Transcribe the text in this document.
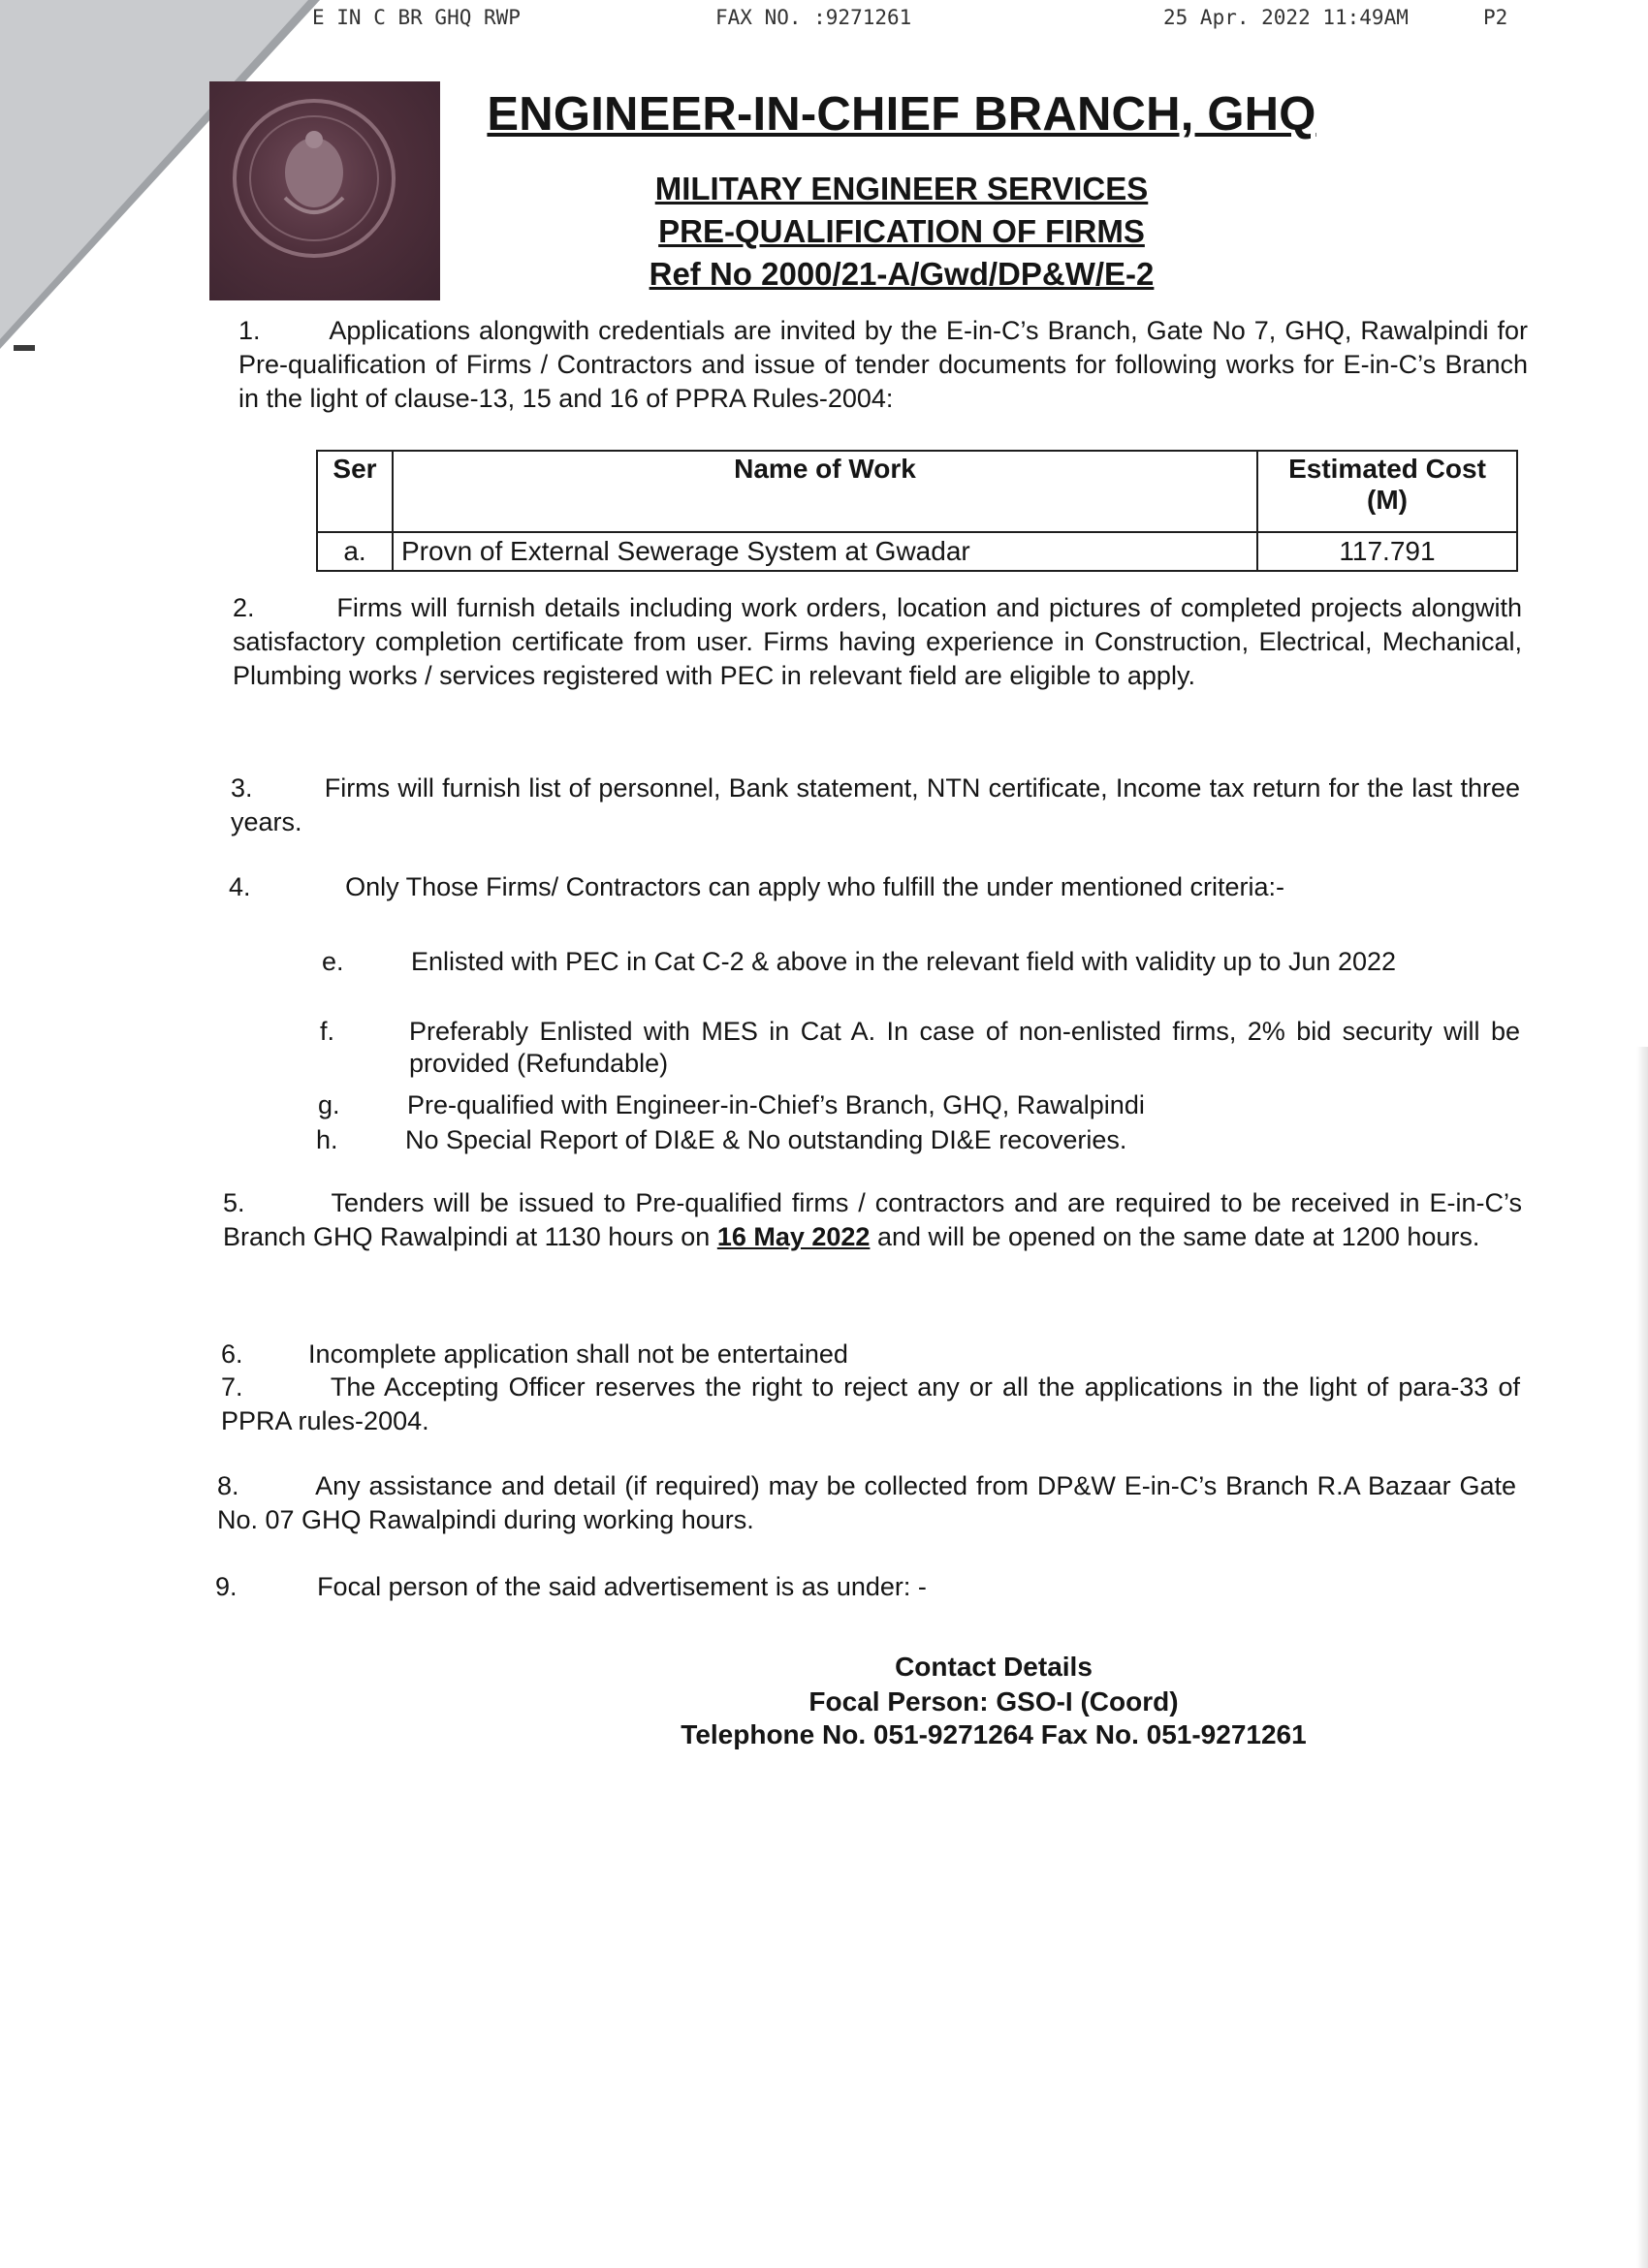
E IN C BR GHQ RWP	FAX NO. :9271261	25 Apr. 2022 11:49AM	P2
ENGINEER-IN-CHIEF BRANCH, GHQ
MILITARY ENGINEER SERVICES
PRE-QUALIFICATION OF FIRMS
Ref No 2000/21-A/Gwd/DP&W/E-2
1.	Applications alongwith credentials are invited by the E-in-C’s Branch, Gate No 7, GHQ, Rawalpindi for Pre-qualification of Firms / Contractors and issue of tender documents for following works for E-in-C’s Branch in the light of clause-13, 15 and 16 of PPRA Rules-2004:
Ser	Name of Work	Estimated Cost (M)
a.	Provn of External Sewerage System at Gwadar	117.791
2.	Firms will furnish details including work orders, location and pictures of completed projects alongwith satisfactory completion certificate from user. Firms having experience in Construction, Electrical, Mechanical, Plumbing works / services registered with PEC in relevant field are eligible to apply.
3.	Firms will furnish list of personnel, Bank statement, NTN certificate, Income tax return for the last three years.
4.	Only Those Firms/ Contractors can apply who fulfill the under mentioned criteria:-
e.	Enlisted with PEC in Cat C-2 & above in the relevant field with validity up to Jun 2022
f.	Preferably Enlisted with MES in Cat A. In case of non-enlisted firms, 2% bid security will be provided (Refundable)
g.	Pre-qualified with Engineer-in-Chief’s Branch, GHQ, Rawalpindi
h.	No Special Report of DI&E & No outstanding DI&E recoveries.
5.	Tenders will be issued to Pre-qualified firms / contractors and are required to be received in E-in-C’s Branch GHQ Rawalpindi at 1130 hours on 16 May 2022 and will be opened on the same date at 1200 hours.
6.	Incomplete application shall not be entertained
7.	The Accepting Officer reserves the right to reject any or all the applications in the light of para-33 of PPRA rules-2004.
8.	Any assistance and detail (if required) may be collected from DP&W E-in-C’s Branch R.A Bazaar Gate No. 07 GHQ Rawalpindi during working hours.
9.	Focal person of the said advertisement is as under: -
Contact Details
Focal Person: GSO-I (Coord)
Telephone No. 051-9271264 Fax No. 051-9271261
